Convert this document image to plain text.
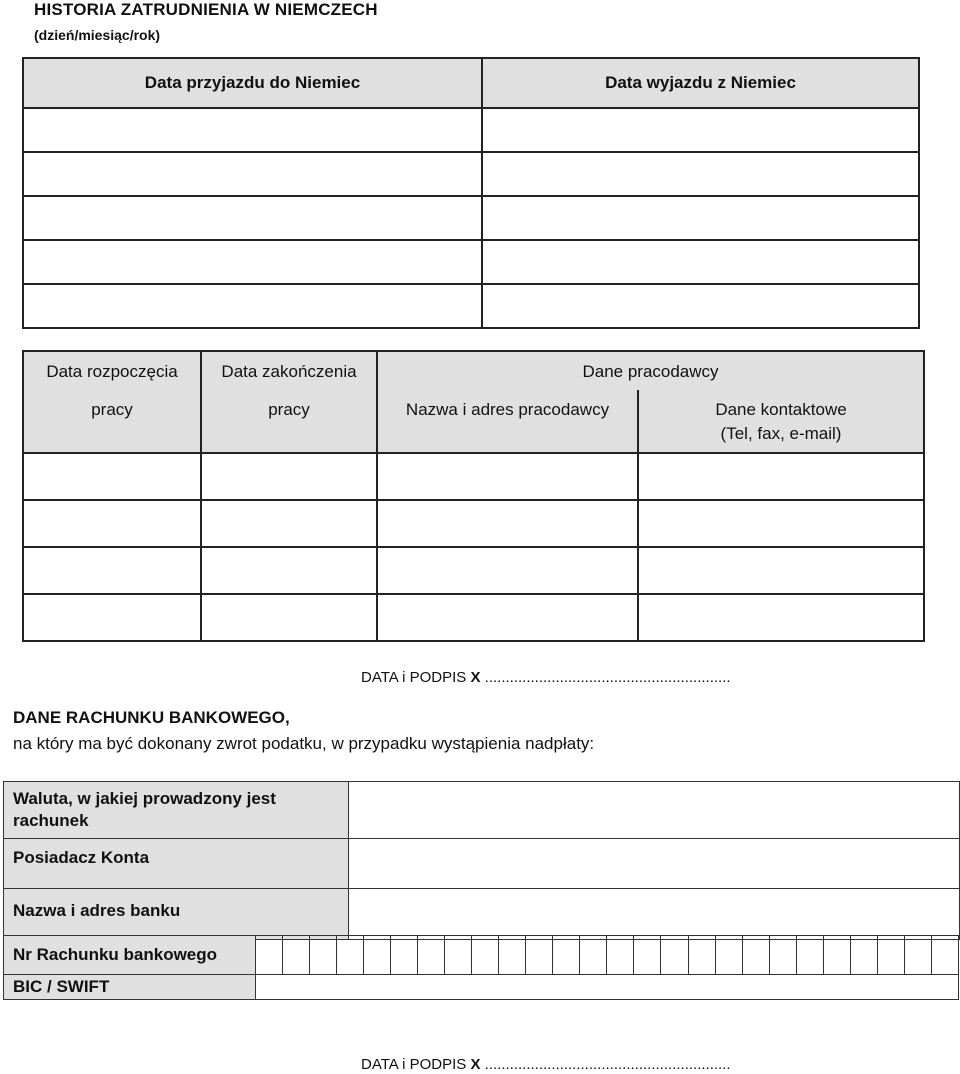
HISTORIA ZATRUDNIENIA W NIEMCZECH
(dzień/miesiąc/rok)
Data przyjazdu do Niemiec	Data wyjazdu z Niemiec

Data rozpoczęcia	Data zakończenia	Dane pracodawcy	
pracy	pracy	Nazwa i adres pracodawcy	Dane kontaktowe
(Tel, fax, e-mail)

DATA i PODPIS X ...........................................................
DANE RACHUNKU BANKOWEGO,
na który ma być dokonany zwrot podatku, w przypadku wystąpienia nadpłaty:
Waluta, w jakiej prowadzony jest rachunek	
Posiadacz Konta	
Nazwa i adres banku	
Nr Rachunku bankowego																										
BIC / SWIFT																										
DATA i PODPIS X ...........................................................
